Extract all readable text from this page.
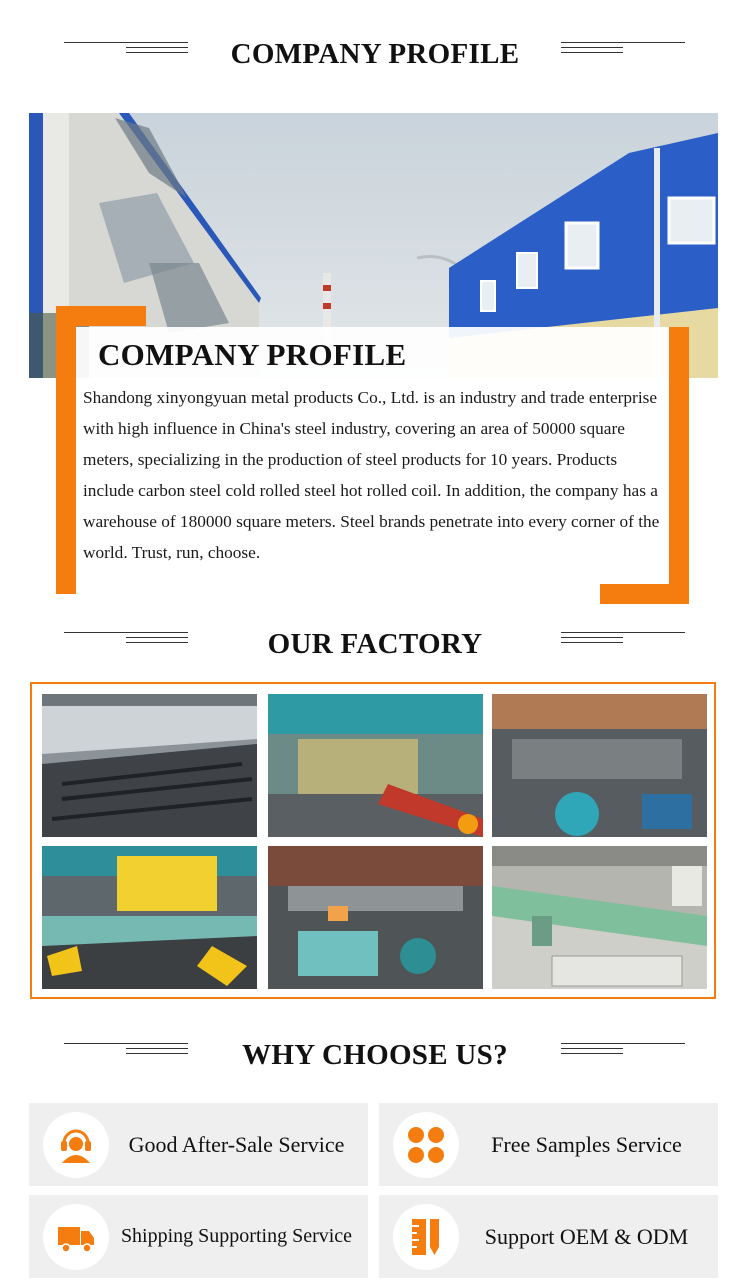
COMPANY PROFILE
COMPANY PROFILE
Shandong xinyongyuan metal products Co., Ltd. is an industry and trade enterprise with high influence in China's steel industry, covering an area of 50000 square meters, specializing in the production of steel products for 10 years. Products include carbon steel cold rolled steel hot rolled coil. In addition, the company has a warehouse of 180000 square meters. Steel brands penetrate into every corner of the world. Trust, run, choose.
OUR FACTORY
WHY CHOOSE US?
Good After-Sale Service	Free Samples Service
Shipping Supporting Service	Support OEM & ODM
